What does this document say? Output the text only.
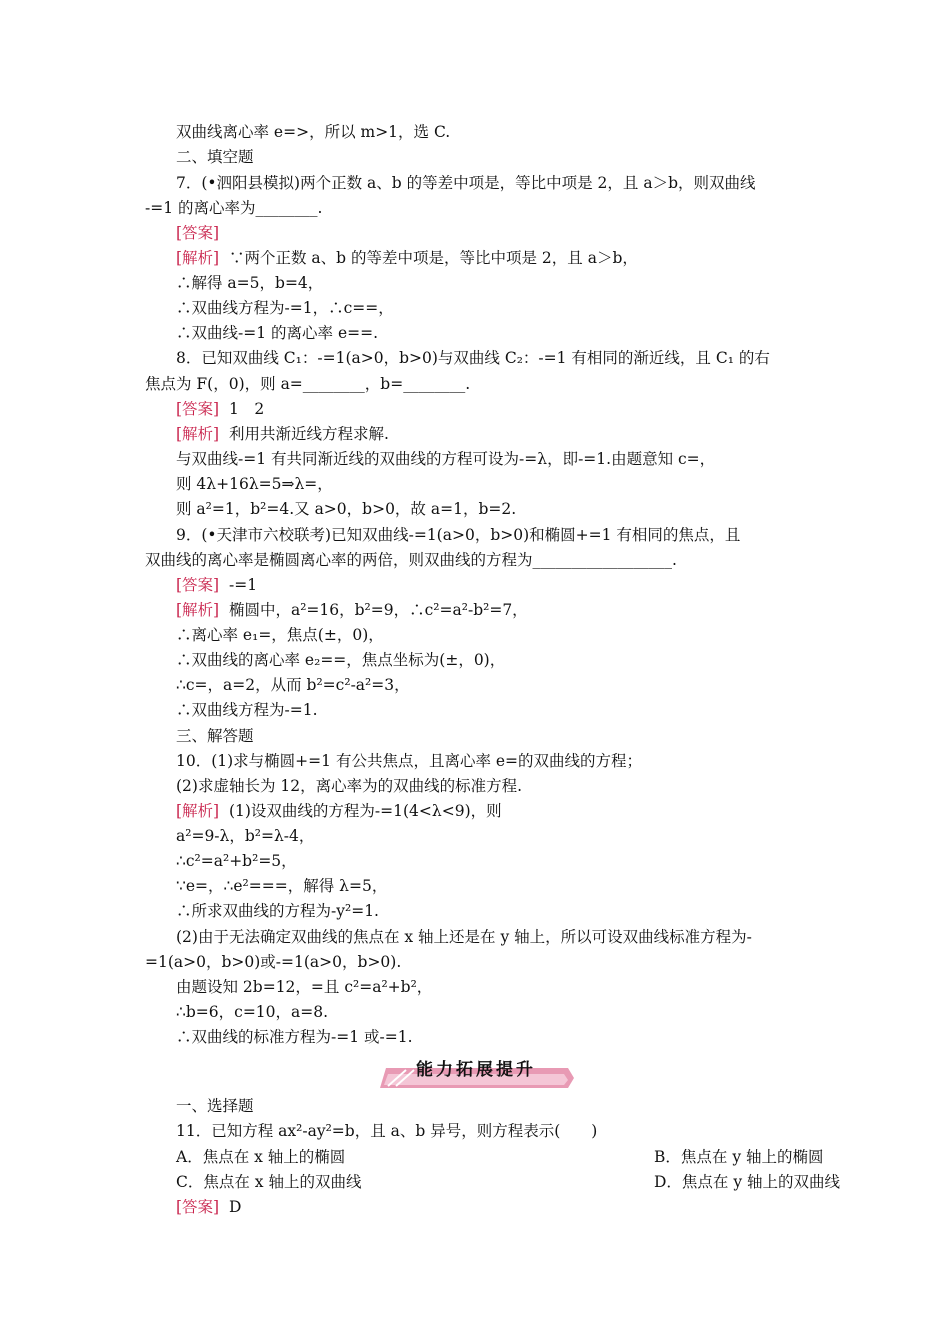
双曲线离心率 e=>，所以 m>1，选 C.
二、填空题
7．(•泗阳县模拟)两个正数 a、b 的等差中项是，等比中项是 2，且 a＞b，则双曲线
-=1 的离心率为________.
[答案]
[解析] ∵两个正数 a、b 的等差中项是，等比中项是 2，且 a＞b，
∴解得 a=5，b=4，
∴双曲线方程为-=1，∴c==，
∴双曲线-=1 的离心率 e==.
8．已知双曲线 C₁：-=1(a>0，b>0)与双曲线 C₂：-=1 有相同的渐近线，且 C₁ 的右
焦点为 F(，0)，则 a=________，b=________.
[答案] 1　2
[解析] 利用共渐近线方程求解.
与双曲线-=1 有共同渐近线的双曲线的方程可设为-=λ，即-=1.由题意知 c=，
则 4λ+16λ=5⇒λ=，
则 a²=1，b²=4.又 a>0，b>0，故 a=1，b=2.
9．(•天津市六校联考)已知双曲线-=1(a>0，b>0)和椭圆+=1 有相同的焦点，且
双曲线的离心率是椭圆离心率的两倍，则双曲线的方程为__________________.
[答案] -=1
[解析] 椭圆中，a²=16，b²=9，∴c²=a²-b²=7，
∴离心率 e₁=，焦点(±，0)，
∴双曲线的离心率 e₂==，焦点坐标为(±，0)，
∴c=，a=2，从而 b²=c²-a²=3，
∴双曲线方程为-=1.
三、解答题
10．(1)求与椭圆+=1 有公共焦点，且离心率 e=的双曲线的方程；
(2)求虚轴长为 12，离心率为的双曲线的标准方程.
[解析] (1)设双曲线的方程为-=1(4<λ<9)，则
a²=9-λ，b²=λ-4，
∴c²=a²+b²=5，
∵e=，∴e²===，解得 λ=5，
∴所求双曲线的方程为-y²=1.
(2)由于无法确定双曲线的焦点在 x 轴上还是在 y 轴上，所以可设双曲线标准方程为-
=1(a>0，b>0)或-=1(a>0，b>0).
由题设知 2b=12，=且 c²=a²+b²，
∴b=6，c=10，a=8.
∴双曲线的标准方程为-=1 或-=1.
能力拓展提升
一、选择题
11．已知方程 ax²-ay²=b，且 a、b 异号，则方程表示(　　)
A．焦点在 x 轴上的椭圆	B．焦点在 y 轴上的椭圆
C．焦点在 x 轴上的双曲线	D．焦点在 y 轴上的双曲线
[答案] D
